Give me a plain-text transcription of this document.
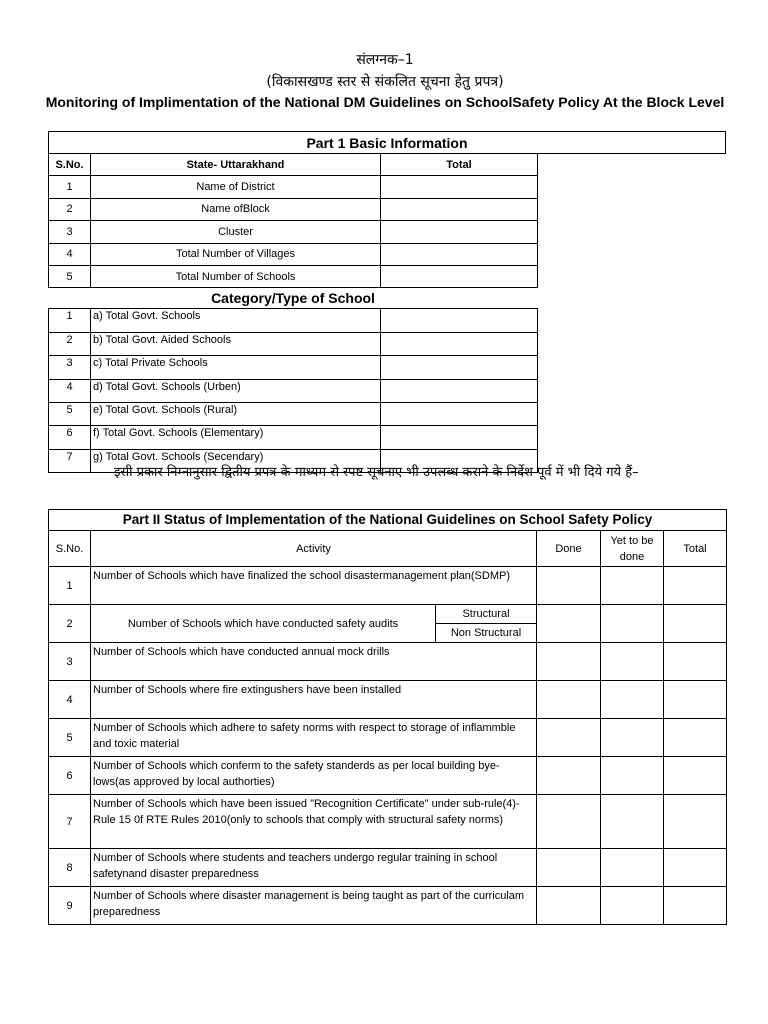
संलग्नक–1
(विकासखण्ड स्तर से संकलित सूचना हेतु प्रपत्र)
Monitoring of Implimentation of the National DM Guidelines on SchoolSafety Policy At the Block Level
Part 1 Basic Information
S.No.	State- Uttarakhand	Total
1	Name of District	
2	Name ofBlock	
3	Cluster	
4	Total Number of Villages	
5	Total Number of Schools	
Category/Type of School		
1	a) Total Govt. Schools	
2	b) Total Govt. Aided Schools	
3	c) Total Private Schools	
4	d) Total Govt. Schools (Urben)	
5	e) Total Govt. Schools (Rural)	
6	f) Total Govt. Schools (Elementary)	
7	g) Total Govt. Schools (Secendary)	
इसी प्रकार निम्नानुसार द्वितीय प्रपत्र के माध्यम से स्पष्ट सूचनाए भी उपलब्ध कराने के निर्देश पूर्व में भी दिये गये हैं–
Part II Status of Implementation of the National Guidelines on School Safety Policy					
S.No.	Activity		Done	Yet to be done	Total
1	Number of Schools which have finalized the school disastermanagement plan(SDMP)				
2	Number of Schools which have conducted safety audits	Structural			
		Non Structural			
3	Number of Schools which have conducted annual mock drills				
4	Number of Schools where fire extingushers have been installed				
5	Number of Schools which adhere to safety norms with respect to storage of inflammble and toxic material				
6	Number of Schools which conferm to the safety standerds as per local building bye-lows(as approved by local authorties)				
7	Number of Schools which have been issued "Recognition Certificate" under sub-rule(4)-Rule 15 0f RTE Rules 2010(only to schools that comply with structural safety norms)				
8	Number of Schools where students and teachers undergo regular training in school safetynand disaster preparedness				
9	Number of Schools where disaster management is being taught as part of the curriculam preparedness				
